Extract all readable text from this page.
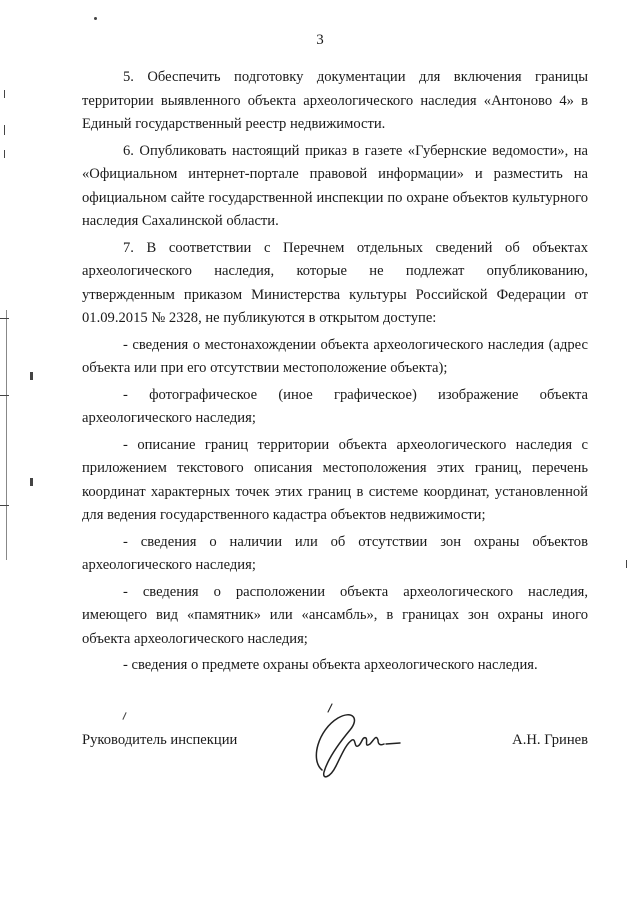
3

5. Обеспечить подготовку документации для включения границы территории выявленного объекта археологического наследия «Антоново 4» в Единый государственный реестр недвижимости.

6. Опубликовать настоящий приказ в газете «Губернские ведомости», на «Официальном интернет-портале правовой информации» и разместить на официальном сайте государственной инспекции по охране объектов культурного наследия Сахалинской области.

7. В соответствии с Перечнем отдельных сведений об объектах археологического наследия, которые не подлежат опубликованию, утвержденным приказом Министерства культуры Российской Федерации от 01.09.2015 № 2328, не публикуются в открытом доступе:

- сведения о местонахождении объекта археологического наследия (адрес объекта или при его отсутствии местоположение объекта);

- фотографическое (иное графическое) изображение объекта археологического наследия;

- описание границ территории объекта археологического наследия с приложением текстового описания местоположения этих границ, перечень координат характерных точек этих границ в системе координат, установленной для ведения государственного кадастра объектов недвижимости;

- сведения о наличии или об отсутствии зон охраны объектов археологического наследия;

- сведения о расположении объекта археологического наследия, имеющего вид «памятник» или «ансамбль», в границах зон охраны иного объекта археологического наследия;

- сведения о предмете охраны объекта археологического наследия.

Руководитель инспекции	А.Н. Гринев
